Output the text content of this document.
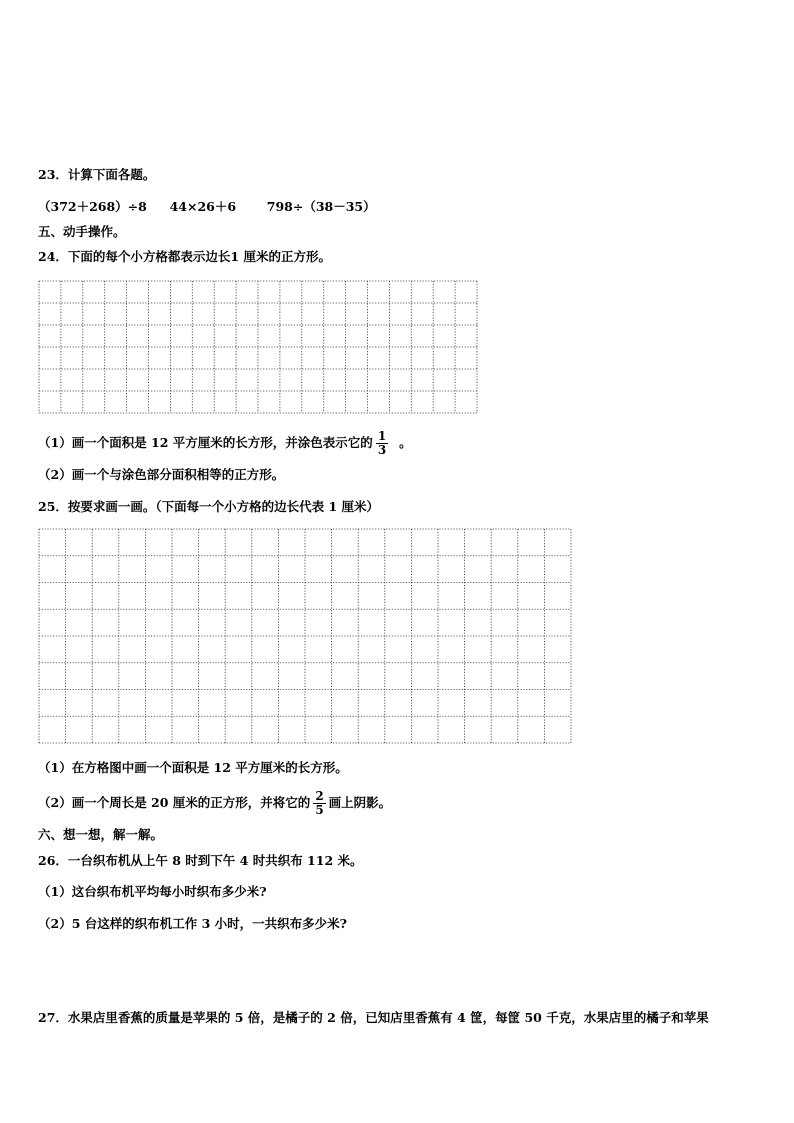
23．计算下面各题。
（372＋268）÷8 44×26＋6 798÷（38－35）
五、动手操作。
24．下面的每个小方格都表示边长1 厘米的正方形。
（1）画一个面积是 12 平方厘米的长方形，并涂色表示它的 $\frac{1}{3}$ 。
（2）画一个与涂色部分面积相等的正方形。
25．按要求画一画。（下面每一个小方格的边长代表 1 厘米）
（1）在方格图中画一个面积是 12 平方厘米的长方形。
（2）画一个周长是 20 厘米的正方形，并将它的 $\frac{2}{5}$ 画上阴影。
六、想一想，解一解。
26．一台织布机从上午 8 时到下午 4 时共织布 112 米。
（1）这台织布机平均每小时织布多少米?
（2）5 台这样的织布机工作 3 小时，一共织布多少米?
27．水果店里香蕉的质量是苹果的 5 倍，是橘子的 2 倍，已知店里香蕉有 4 筐，每筐 50 千克，水果店里的橘子和苹果
